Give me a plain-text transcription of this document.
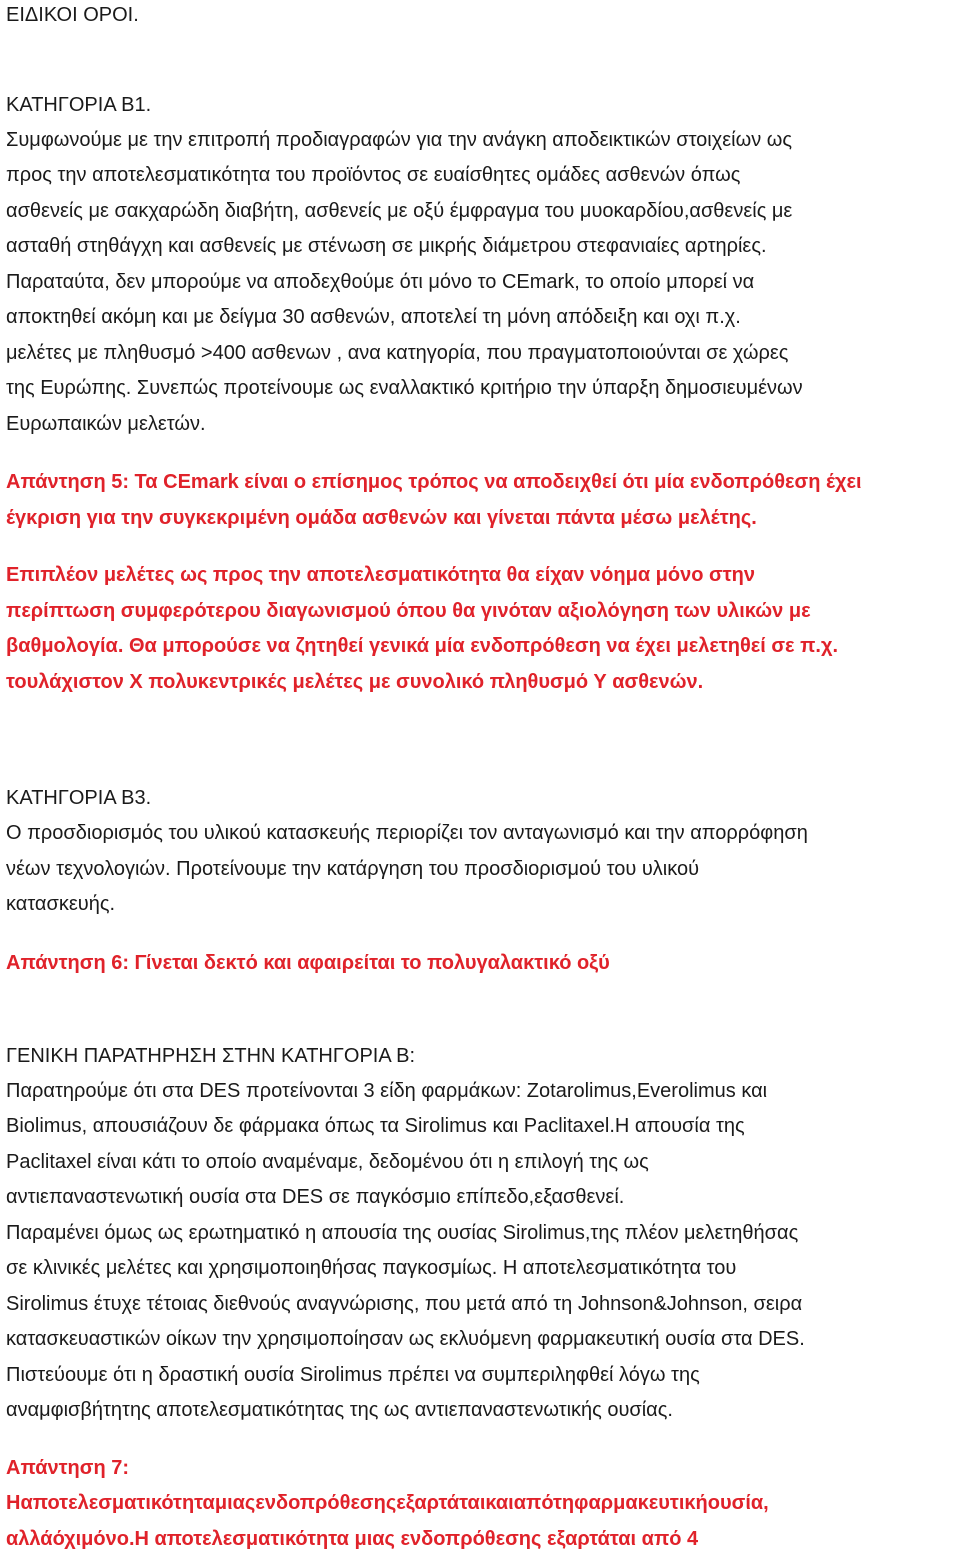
ΕΙΔΙΚΟΙ ΟΡΟΙ.
ΚΑΤΗΓΟΡΙΑ Β1.
Συμφωνούμε με την επιτροπή προδιαγραφών για την ανάγκη αποδεικτικών στοιχείων ως
προς την αποτελεσματικότητα του προϊόντος σε ευαίσθητες ομάδες ασθενών όπως
ασθενείς με σακχαρώδη διαβήτη, ασθενείς με οξύ έμφραγμα του μυοκαρδίου,ασθενείς με
ασταθή στηθάγχη και ασθενείς με στένωση σε μικρής διάμετρου στεφανιαίες αρτηρίες.
Παραταύτα, δεν μπορούμε να αποδεχθούμε ότι μόνο το CEmark, το οποίο μπορεί να
αποκτηθεί ακόμη και με δείγμα 30 ασθενών, αποτελεί τη μόνη απόδειξη και οχι π.χ.
μελέτες με πληθυσμό >400 ασθενων , ανα κατηγορία, που πραγματοποιούνται σε χώρες
της Ευρώπης. Συνεπώς προτείνουμε ως εναλλακτικό κριτήριο την ύπαρξη δημοσιευμένων
Ευρωπαικών μελετών.
Απάντηση 5: Τα CEmark είναι ο επίσημος τρόπος να αποδειχθεί ότι μία ενδοπρόθεση έχει
έγκριση για την συγκεκριμένη ομάδα ασθενών και γίνεται πάντα μέσω μελέτης.
Επιπλέον μελέτες ως προς την αποτελεσματικότητα θα είχαν νόημα μόνο στην
περίπτωση συμφερότερου διαγωνισμού όπου θα γινόταν αξιολόγηση των υλικών με
βαθμολογία. Θα μπορούσε να ζητηθεί γενικά μία ενδοπρόθεση να έχει μελετηθεί σε π.χ.
τουλάχιστον Χ πολυκεντρικές μελέτες με συνολικό πληθυσμό Υ ασθενών.
ΚΑΤΗΓΟΡΙΑ Β3.
Ο προσδιορισμός του υλικού κατασκευής περιορίζει τον ανταγωνισμό και την απορρόφηση
νέων τεχνολογιών. Προτείνουμε την κατάργηση του προσδιορισμού του υλικού
κατασκευής.
Απάντηση 6: Γίνεται δεκτό και αφαιρείται το πολυγαλακτικό οξύ
ΓΕΝΙΚΗ ΠΑΡΑΤΗΡΗΣΗ ΣΤΗΝ ΚΑΤΗΓΟΡΙΑ Β:
Παρατηρούμε ότι στα DES προτείνονται 3 είδη φαρμάκων: Zotarolimus,Everolimus και
Biolimus, απουσιάζουν δε φάρμακα όπως τα Sirolimus και Paclitaxel.Η απουσία της
Paclitaxel είναι κάτι το οποίο αναμέναμε, δεδομένου ότι η επιλογή της ως
αντιεπαναστενωτική ουσία στα DES σε παγκόσμιο επίπεδο,εξασθενεί.
Παραμένει όμως ως ερωτηματικό η απουσία της ουσίας Sirolimus,της πλέον μελετηθήσας
σε κλινικές μελέτες και χρησιμοποιηθήσας παγκοσμίως. Η αποτελεσματικότητα του
Sirolimus έτυχε τέτοιας διεθνούς αναγνώρισης, που μετά από τη Johnson&Johnson, σειρα
κατασκευαστικών οίκων την χρησιμοποίησαν ως εκλυόμενη φαρμακευτική ουσία στα DES.
Πιστεύουμε ότι η δραστική ουσία Sirolimus πρέπει να συμπεριληφθεί λόγω της
αναμφισβήτητης αποτελεσματικότητας της ως αντιεπαναστενωτικής ουσίας.
Απάντηση 7:
Ηαποτελεσματικότηταμιαςενδοπρόθεσηςεξαρτάταικαιαπότηφαρμακευτικήουσία,
αλλάόχιμόνο.Η αποτελεσματικότητα μιας ενδοπρόθεσης εξαρτάται από 4
